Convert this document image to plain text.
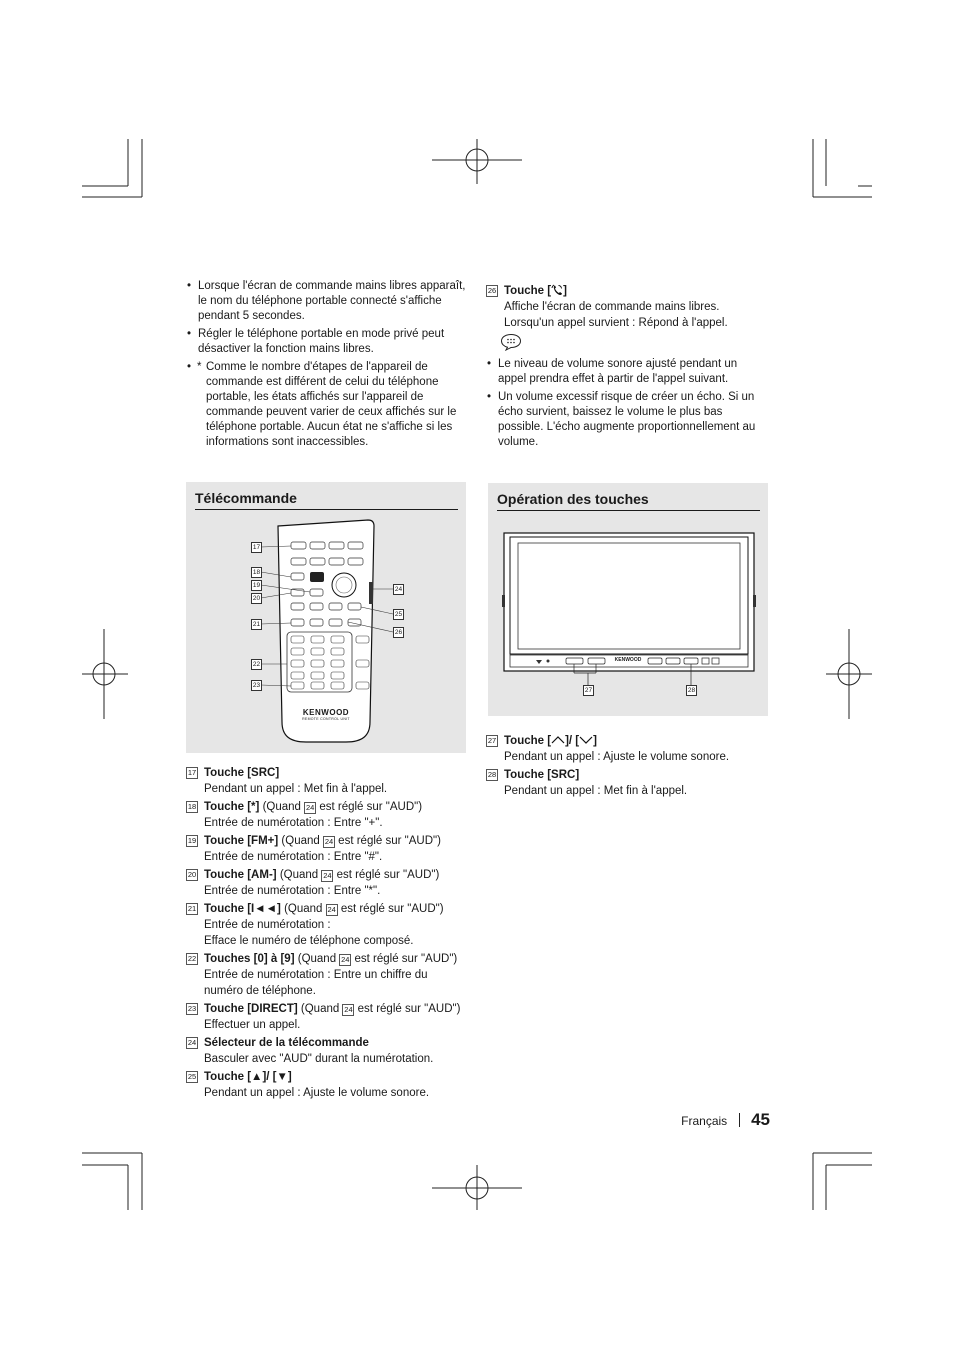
• Lorsque l'écran de commande mains libres apparaît, le nom du téléphone portable connecté s'affiche pendant 5 secondes.
• Régler le téléphone portable en mode privé peut désactiver la fonction mains libres.
• * Comme le nombre d'étapes de l'appareil de commande est différent de celui du téléphone portable, les états affichés sur l'appareil de commande peuvent varier de ceux affichés sur le téléphone portable. Aucun état ne s'affiche si les informations sont inaccessibles.
26 Touche [ ]
Affiche l'écran de commande mains libres.
Lorsqu'un appel survient : Répond à l'appel.
• Le niveau de volume sonore ajusté pendant un appel prendra effet à partir de l'appel suivant.
• Un volume excessif risque de créer un écho. Si un écho survient, baissez le volume le plus bas possible. L'écho augmente proportionnellement au volume.
Télécommande
KENWOOD
REMOTE CONTROL UNIT
17
18
19
20
21
22
23
24
25
26
Opération des touches
KENWOOD
27	28
17 Touche [SRC]
Pendant un appel : Met fin à l'appel.
18 Touche [*] (Quand 24 est réglé sur "AUD")
Entrée de numérotation : Entre "+".
19 Touche [FM+] (Quand 24 est réglé sur "AUD")
Entrée de numérotation : Entre "#".
20 Touche [AM-] (Quand 24 est réglé sur "AUD")
Entrée de numérotation : Entre "*".
21 Touche [I◄◄] (Quand 24 est réglé sur "AUD")
Entrée de numérotation :
Efface le numéro de téléphone composé.
22 Touches [0] à [9] (Quand 24 est réglé sur "AUD")
Entrée de numérotation : Entre un chiffre du
numéro de téléphone.
23 Touche [DIRECT] (Quand 24 est réglé sur "AUD")
Effectuer un appel.
24 Sélecteur de la télécommande
Basculer avec "AUD" durant la numérotation.
25 Touche [▲]/ [▼]
Pendant un appel : Ajuste le volume sonore.
27 Touche [ ]/ [ ]
Pendant un appel : Ajuste le volume sonore.
28 Touche [SRC]
Pendant un appel : Met fin à l'appel.
Français 45
